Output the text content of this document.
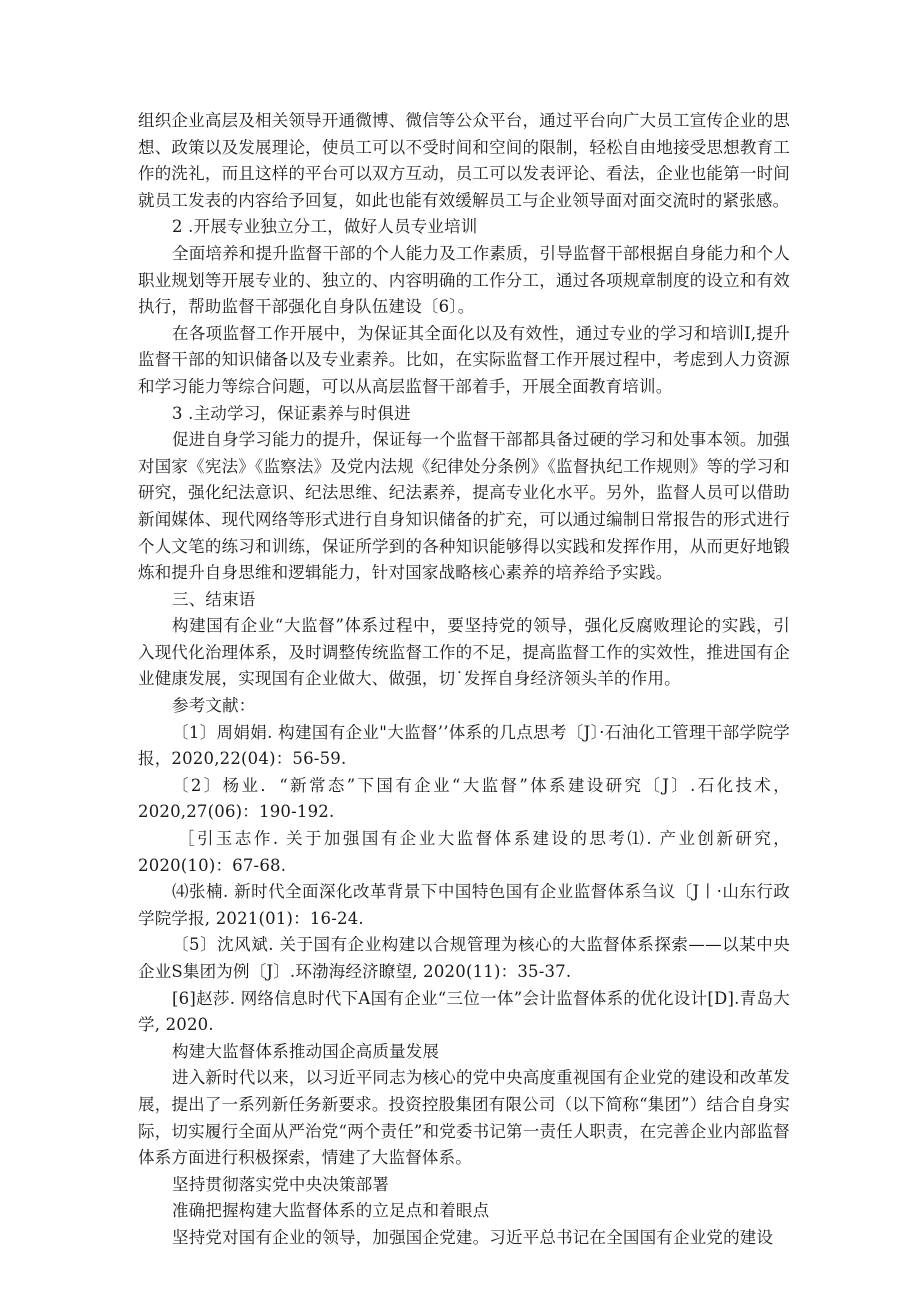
组织企业高层及相关领导开通微博、微信等公众平台，通过平台向广大员工宣传企业的思想、政策以及发展理论，使员工可以不受时间和空间的限制，轻松自由地接受思想教育工作的洗礼，而且这样的平台可以双方互动，员工可以发表评论、看法，企业也能第一时间就员工发表的内容给予回复，如此也能有效缓解员工与企业领导面对面交流时的紧张感。

2 .开展专业独立分工，做好人员专业培训

全面培养和提升监督干部的个人能力及工作素质，引导监督干部根据自身能力和个人职业规划等开展专业的、独立的、内容明确的工作分工，通过各项规章制度的设立和有效执行，帮助监督干部强化自身队伍建设〔6〕。

在各项监督工作开展中，为保证其全面化以及有效性，通过专业的学习和培训I,提升监督干部的知识储备以及专业素养。比如，在实际监督工作开展过程中，考虑到人力资源和学习能力等综合问题，可以从高层监督干部着手，开展全面教育培训。

3 .主动学习，保证素养与时俱进

促进自身学习能力的提升，保证每一个监督干部都具备过硬的学习和处事本领。加强对国家《宪法》《监察法》及党内法规《纪律处分条例》《监督执纪工作规则》等的学习和研究，强化纪法意识、纪法思维、纪法素养，提高专业化水平。另外，监督人员可以借助新闻媒体、现代网络等形式进行自身知识储备的扩充，可以通过编制日常报告的形式进行个人文笔的练习和训练，保证所学到的各种知识能够得以实践和发挥作用，从而更好地锻炼和提升自身思维和逻辑能力，针对国家战略核心素养的培养给予实践。

三、结束语

构建国有企业“大监督”体系过程中，要坚持党的领导，强化反腐败理论的实践，引入现代化治理体系，及时调整传统监督工作的不足，提高监督工作的实效性，推进国有企业健康发展，实现国有企业做大、做强，切˙发挥自身经济领头羊的作用。

参考文献：

〔1〕周娟娟. 构建国有企业"大监督’’体系的几点思考〔J〕·石油化工管理干部学院学报，2020,22(04)：56-59.

〔2〕杨业．“新常态”下国有企业“大监督”体系建设研究〔J〕.石化技术，2020,27(06)：190-192.

［引玉志作. 关于加强国有企业大监督体系建设的思考⑴. 产业创新研究，2020(10)：67-68.

⑷张楠. 新时代全面深化改革背景下中国特色国有企业监督体系刍议〔J丨·山东行政学院学报, 2021(01)：16-24.

〔5〕沈风斌. 关于国有企业构建以合规管理为核心的大监督体系探索——以某中央企业S集团为例〔J〕.环渤海经济瞭望, 2020(11)：35-37.

[6]赵莎. 网络信息时代下A国有企业“三位一体”会计监督体系的优化设计[D].青岛大学, 2020.

构建大监督体系推动国企高质量发展

进入新时代以来，以习近平同志为核心的党中央高度重视国有企业党的建设和改革发展，提出了一系列新任务新要求。投资控股集团有限公司（以下简称“集团”）结合自身实际，切实履行全面从严治党“两个责任”和党委书记第一责任人职责，在完善企业内部监督体系方面进行积极探索，情建了大监督体系。

坚持贯彻落实党中央决策部署

准确把握构建大监督体系的立足点和着眼点

坚持党对国有企业的领导，加强国企党建。习近平总书记在全国国有企业党的建设
